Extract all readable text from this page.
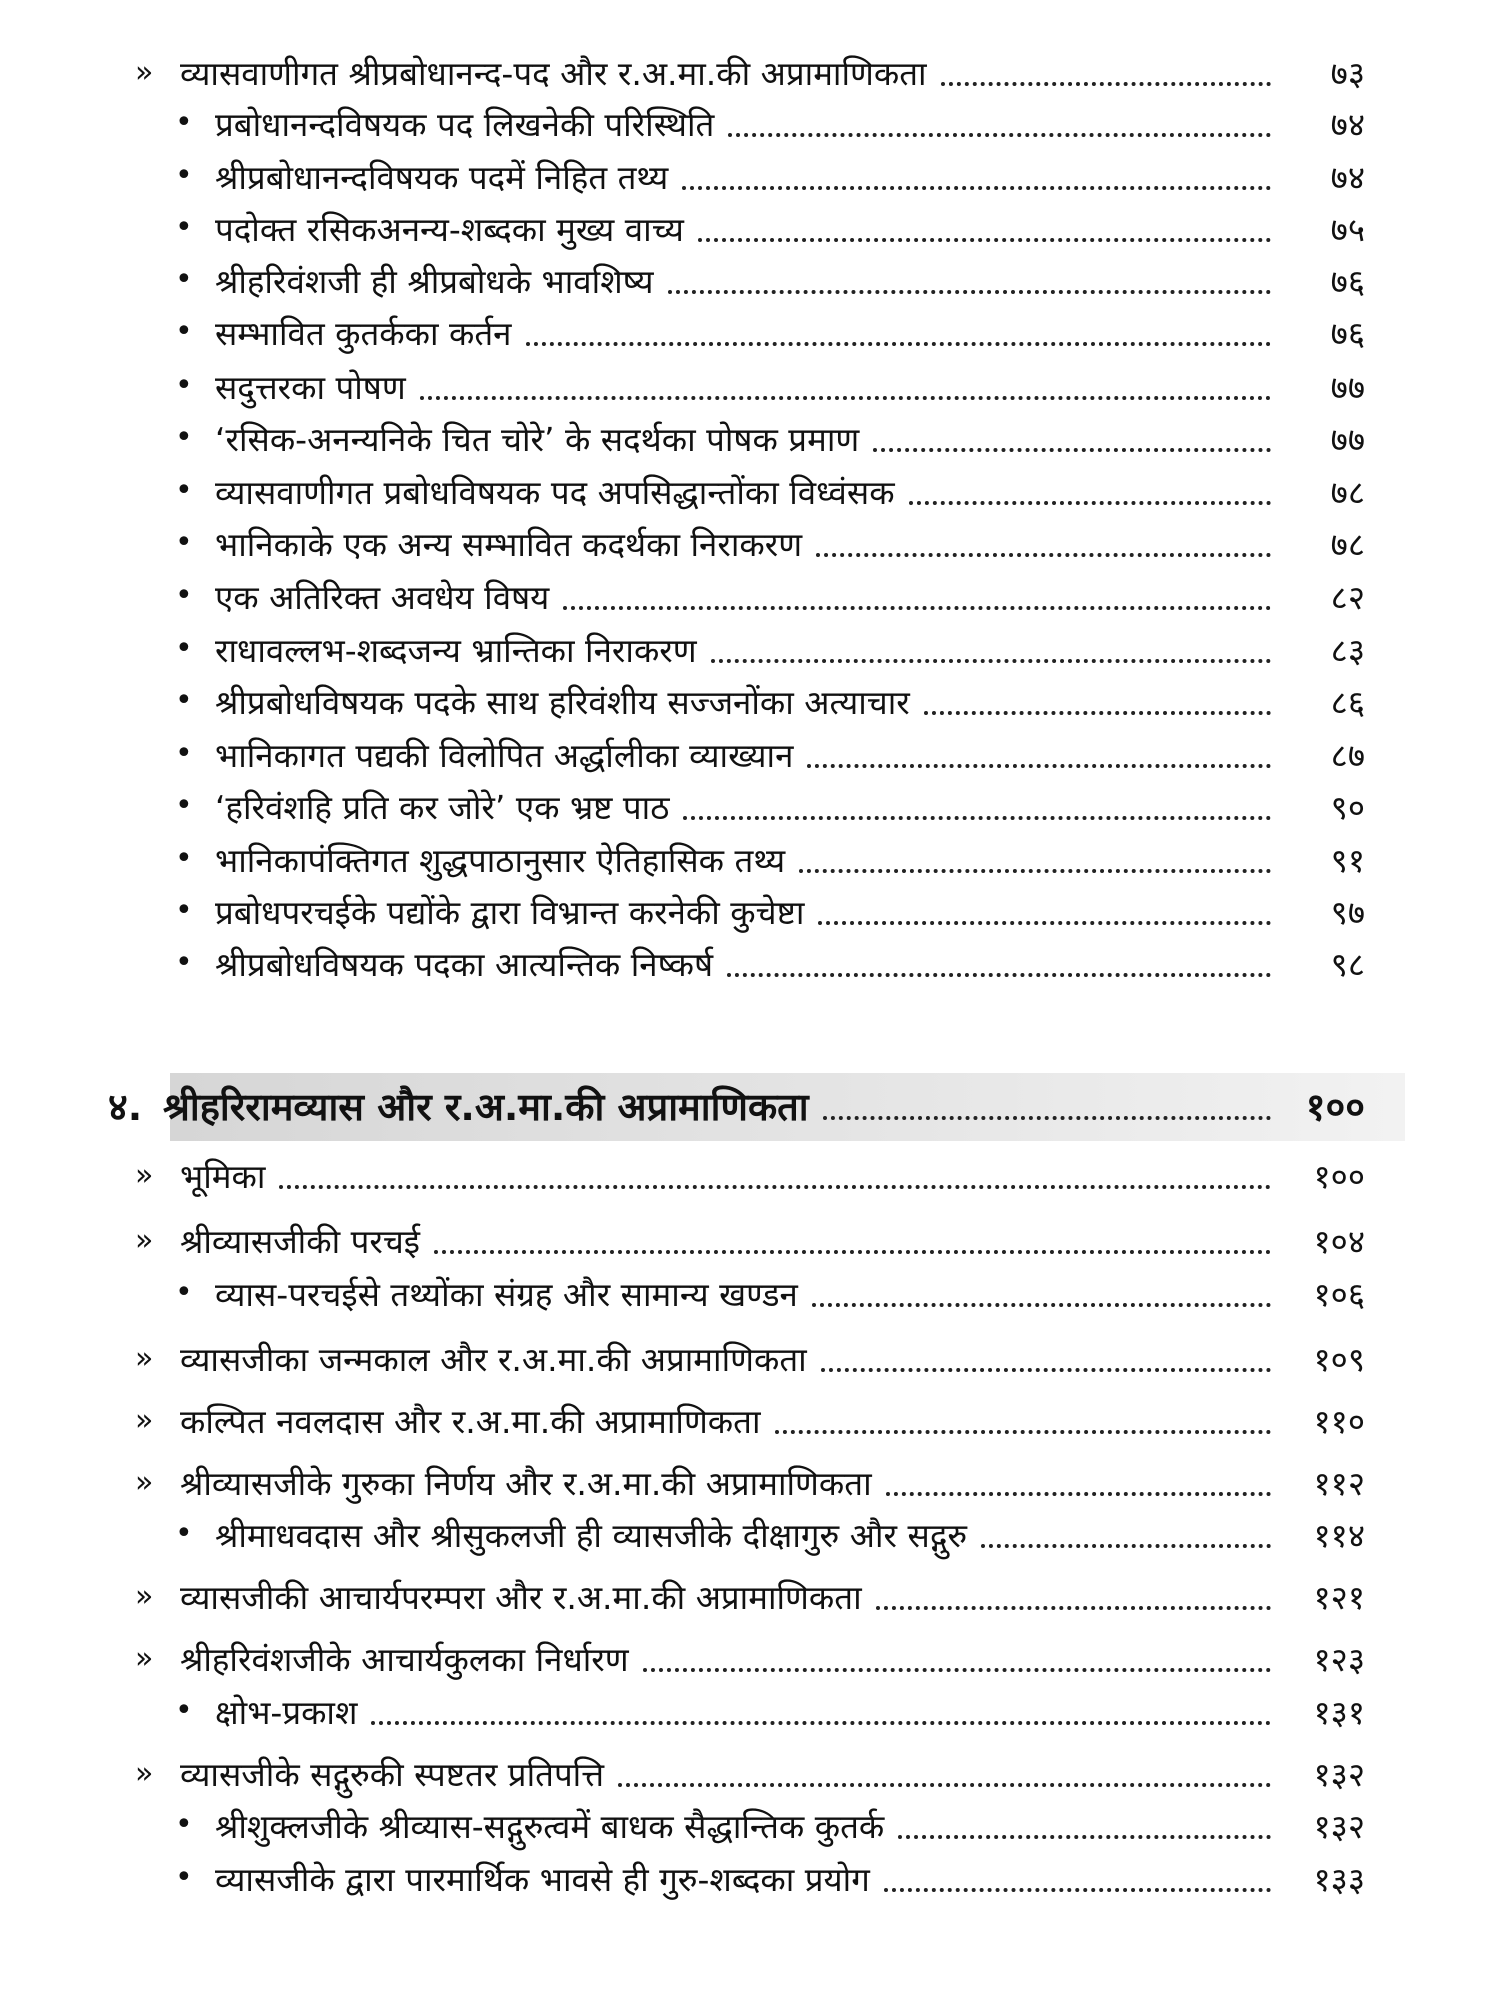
» व्यासवाणीगत श्रीप्रबोधानन्द-पद और र.अ.मा.की अप्रामाणिकता	७३
• प्रबोधानन्दविषयक पद लिखनेकी परिस्थिति	७४
• श्रीप्रबोधानन्दविषयक पदमें निहित तथ्य	७४
• पदोक्त रसिकअनन्य-शब्दका मुख्य वाच्य	७५
• श्रीहरिवंशजी ही श्रीप्रबोधके भावशिष्य	७६
• सम्भावित कुतर्कका कर्तन	७६
• सदुत्तरका पोषण	७७
• ‘रसिक-अनन्यनिके चित चोरे’ के सदर्थका पोषक प्रमाण	७७
• व्यासवाणीगत प्रबोधविषयक पद अपसिद्धान्तोंका विध्वंसक	७८
• भानिकाके एक अन्य सम्भावित कदर्थका निराकरण	७८
• एक अतिरिक्त अवधेय विषय	८२
• राधावल्लभ-शब्दजन्य भ्रान्तिका निराकरण	८३
• श्रीप्रबोधविषयक पदके साथ हरिवंशीय सज्जनोंका अत्याचार	८६
• भानिकागत पद्यकी विलोपित अर्द्धालीका व्याख्यान	८७
• ‘हरिवंशहि प्रति कर जोरे’ एक भ्रष्ट पाठ	९०
• भानिकापंक्तिगत शुद्धपाठानुसार ऐतिहासिक तथ्य	९१
• प्रबोधपरचईके पद्योंके द्वारा विभ्रान्त करनेकी कुचेष्टा	९७
• श्रीप्रबोधविषयक पदका आत्यन्तिक निष्कर्ष	९८
४. श्रीहरिरामव्यास और र.अ.मा.की अप्रामाणिकता	१००
» भूमिका	१००
» श्रीव्यासजीकी परचई	१०४
• व्यास-परचईसे तथ्योंका संग्रह और सामान्य खण्डन	१०६
» व्यासजीका जन्मकाल और र.अ.मा.की अप्रामाणिकता	१०९
» कल्पित नवलदास और र.अ.मा.की अप्रामाणिकता	११०
» श्रीव्यासजीके गुरुका निर्णय और र.अ.मा.की अप्रामाणिकता	११२
• श्रीमाधवदास और श्रीसुकलजी ही व्यासजीके दीक्षागुरु और सद्गुरु	११४
» व्यासजीकी आचार्यपरम्परा और र.अ.मा.की अप्रामाणिकता	१२१
» श्रीहरिवंशजीके आचार्यकुलका निर्धारण	१२३
• क्षोभ-प्रकाश	१३१
» व्यासजीके सद्गुरुकी स्पष्टतर प्रतिपत्ति	१३२
• श्रीशुक्लजीके श्रीव्यास-सद्गुरुत्वमें बाधक सैद्धान्तिक कुतर्क	१३२
• व्यासजीके द्वारा पारमार्थिक भावसे ही गुरु-शब्दका प्रयोग	१३३
